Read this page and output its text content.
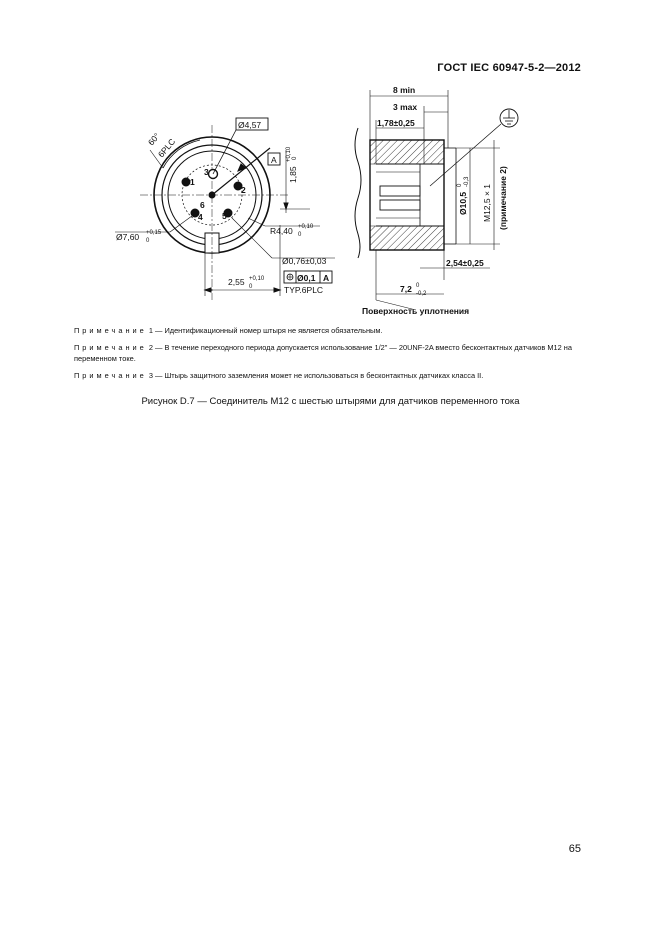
ГОСТ IEC 60947-5-2—2012
1
2
3
4 5
6
60°
6PLC
Ø4,57
A
1,85
+0,10 0
Ø7,60 +0,15
0
R4,40 +0,10
0
Ø0,76±0,03
2,55 +0,10
0
Ø0,1 A
TYP.6PLC
8 min
3 max
1,78±0,25
Ø10,5
0 -0,3
М12,5 × 1 (примечание 2)
2,54±0,25
7,2 0
-0,2
Поверхность уплотнения

Примечание 1 — Идентификационный номер штыря не является обязательным.

Примечание 2 — В течение переходного периода допускается использование 1/2" — 20UNF-2A вместо бесконтактных датчиков М12 на переменном токе.

Примечание 3 — Штырь защитного заземления может не использоваться в бесконтактных датчиках класса II.

Рисунок D.7 — Соединитель М12 с шестью штырями для датчиков переменного тока
65
